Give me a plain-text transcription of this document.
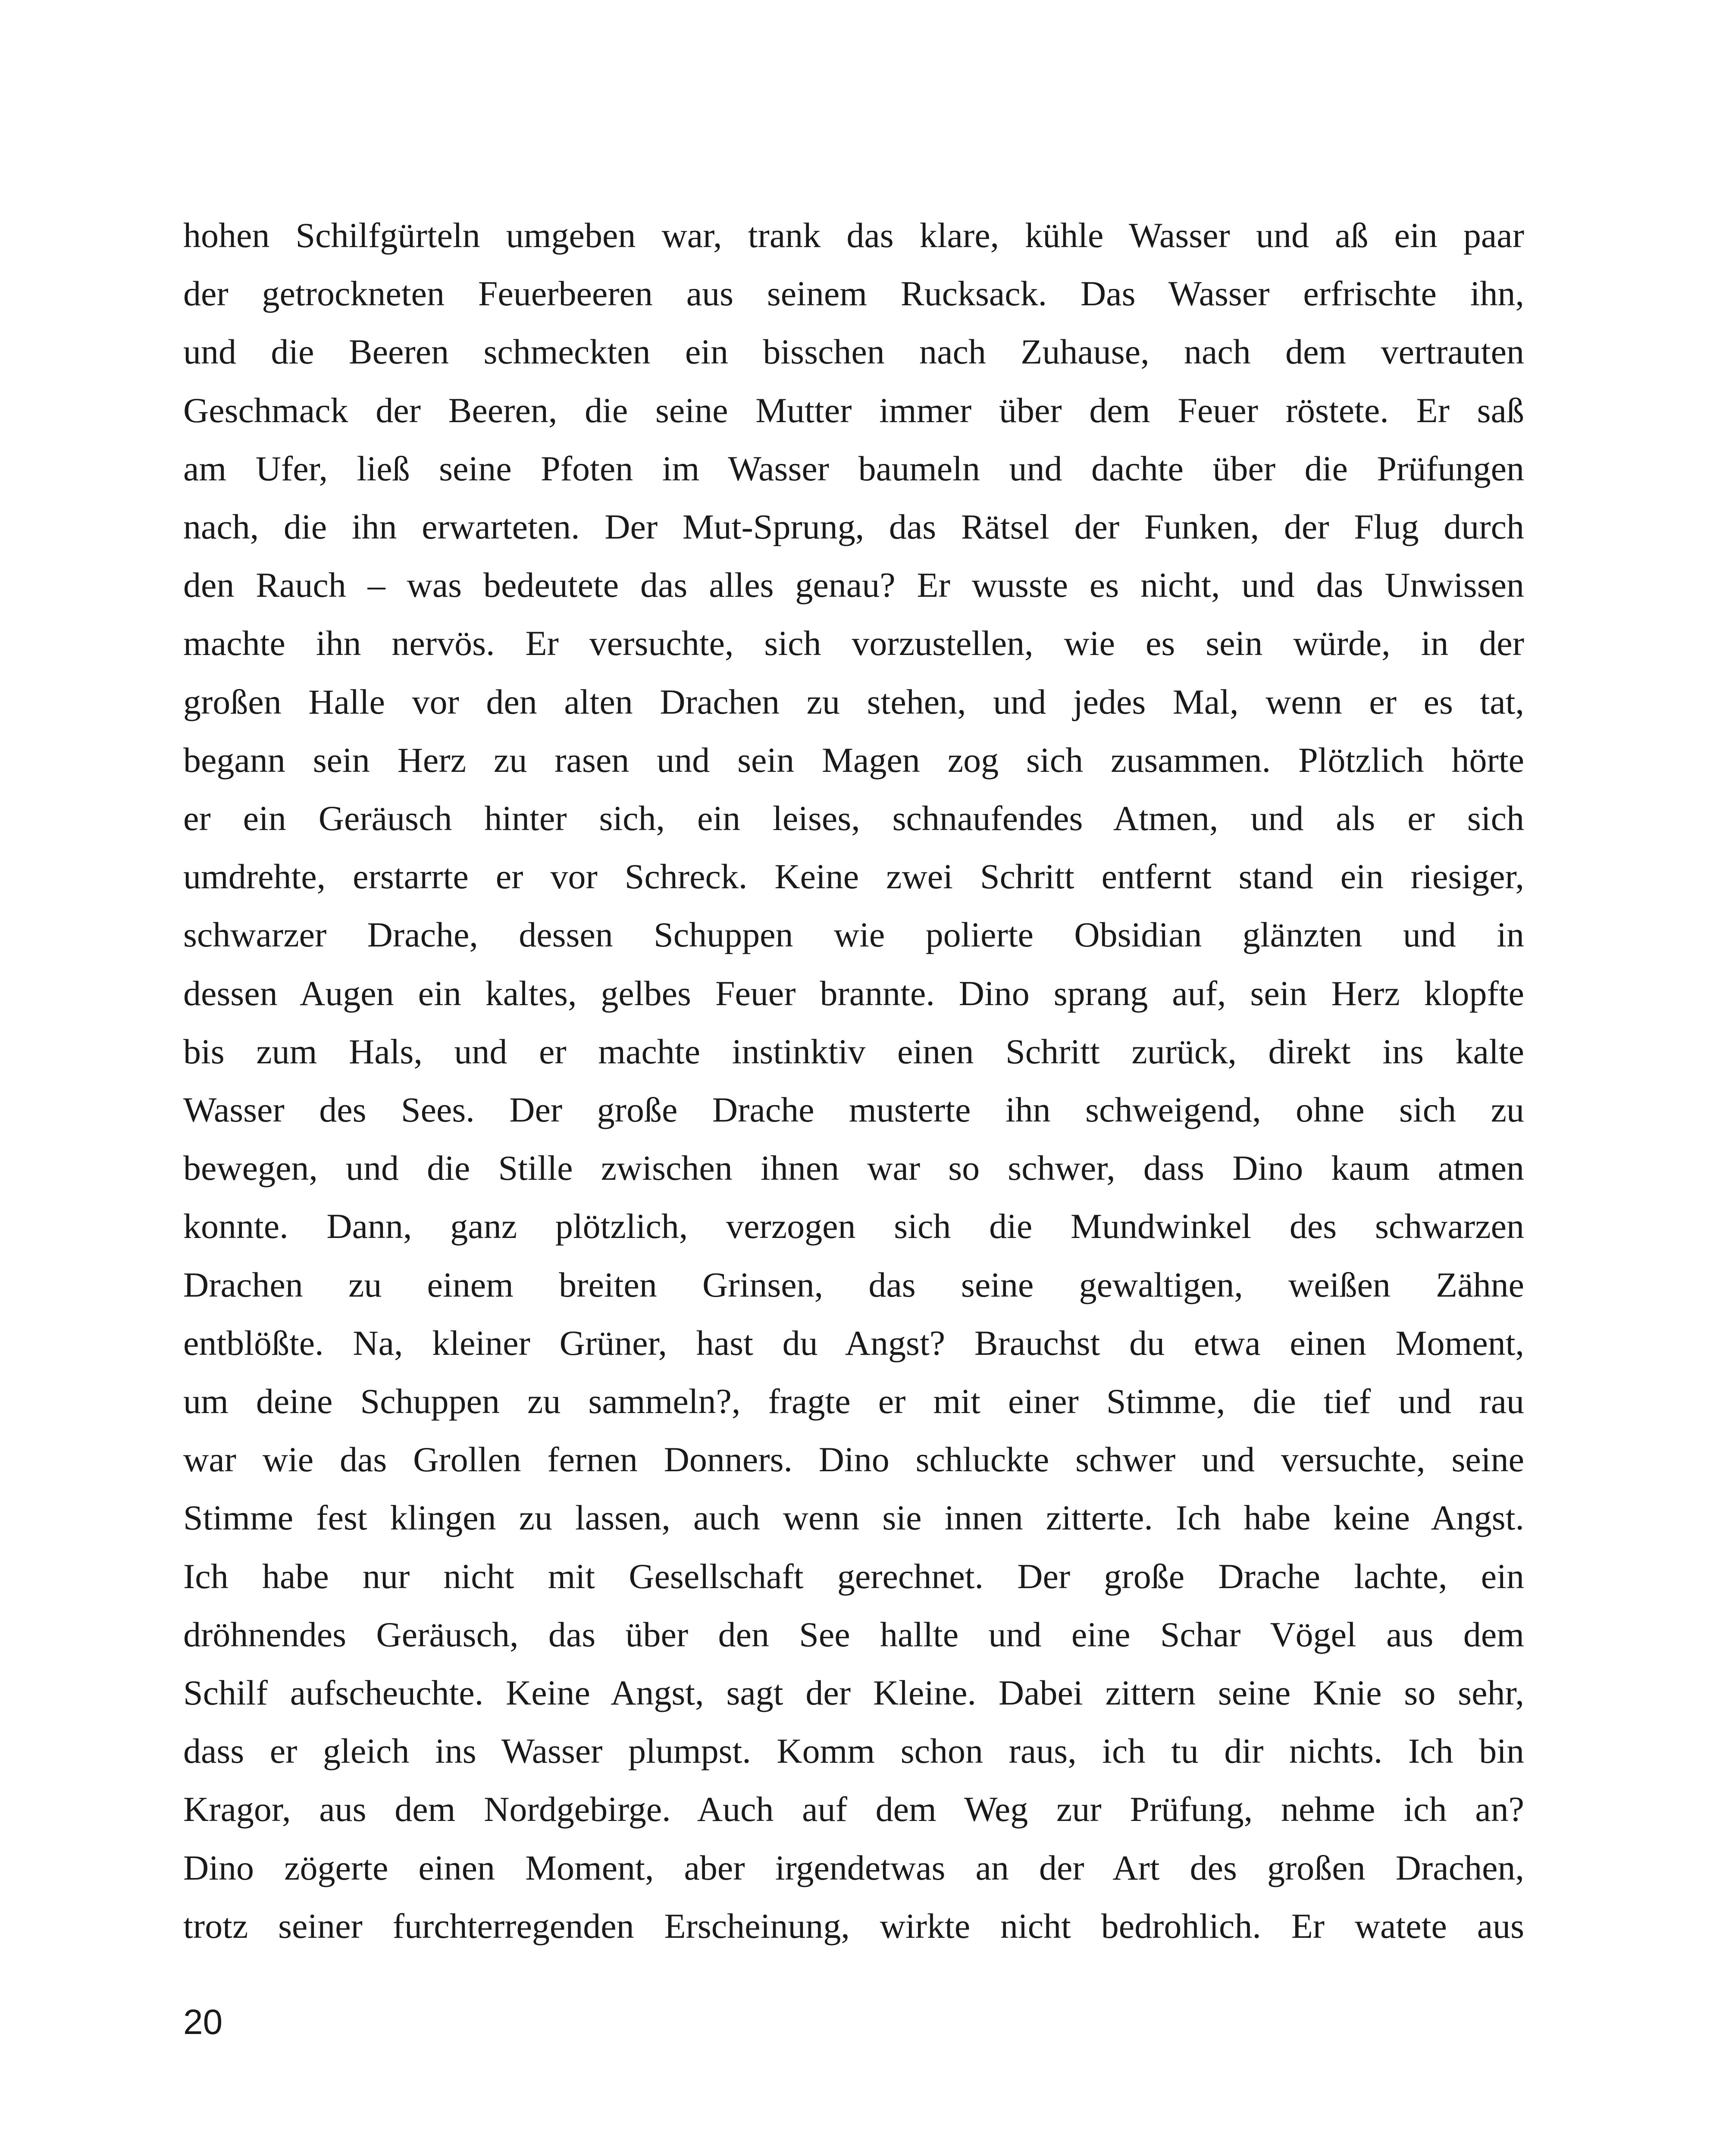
hohen Schilfgürteln umgeben war, trank das klare, kühle Wasser und aß ein paar
der getrockneten Feuerbeeren aus seinem Rucksack. Das Wasser erfrischte ihn,
und die Beeren schmeckten ein bisschen nach Zuhause, nach dem vertrauten
Geschmack der Beeren, die seine Mutter immer über dem Feuer röstete. Er saß
am Ufer, ließ seine Pfoten im Wasser baumeln und dachte über die Prüfungen
nach, die ihn erwarteten. Der Mut-Sprung, das Rätsel der Funken, der Flug durch
den Rauch – was bedeutete das alles genau? Er wusste es nicht, und das Unwissen
machte ihn nervös. Er versuchte, sich vorzustellen, wie es sein würde, in der
großen Halle vor den alten Drachen zu stehen, und jedes Mal, wenn er es tat,
begann sein Herz zu rasen und sein Magen zog sich zusammen. Plötzlich hörte
er ein Geräusch hinter sich, ein leises, schnaufendes Atmen, und als er sich
umdrehte, erstarrte er vor Schreck. Keine zwei Schritt entfernt stand ein riesiger,
schwarzer Drache, dessen Schuppen wie polierte Obsidian glänzten und in
dessen Augen ein kaltes, gelbes Feuer brannte. Dino sprang auf, sein Herz klopfte
bis zum Hals, und er machte instinktiv einen Schritt zurück, direkt ins kalte
Wasser des Sees. Der große Drache musterte ihn schweigend, ohne sich zu
bewegen, und die Stille zwischen ihnen war so schwer, dass Dino kaum atmen
konnte. Dann, ganz plötzlich, verzogen sich die Mundwinkel des schwarzen
Drachen zu einem breiten Grinsen, das seine gewaltigen, weißen Zähne
entblößte. Na, kleiner Grüner, hast du Angst? Brauchst du etwa einen Moment,
um deine Schuppen zu sammeln?, fragte er mit einer Stimme, die tief und rau
war wie das Grollen fernen Donners. Dino schluckte schwer und versuchte, seine
Stimme fest klingen zu lassen, auch wenn sie innen zitterte. Ich habe keine Angst.
Ich habe nur nicht mit Gesellschaft gerechnet. Der große Drache lachte, ein
dröhnendes Geräusch, das über den See hallte und eine Schar Vögel aus dem
Schilf aufscheuchte. Keine Angst, sagt der Kleine. Dabei zittern seine Knie so sehr,
dass er gleich ins Wasser plumpst. Komm schon raus, ich tu dir nichts. Ich bin
Kragor, aus dem Nordgebirge. Auch auf dem Weg zur Prüfung, nehme ich an?
Dino zögerte einen Moment, aber irgendetwas an der Art des großen Drachen,
trotz seiner furchterregenden Erscheinung, wirkte nicht bedrohlich. Er watete aus
20
